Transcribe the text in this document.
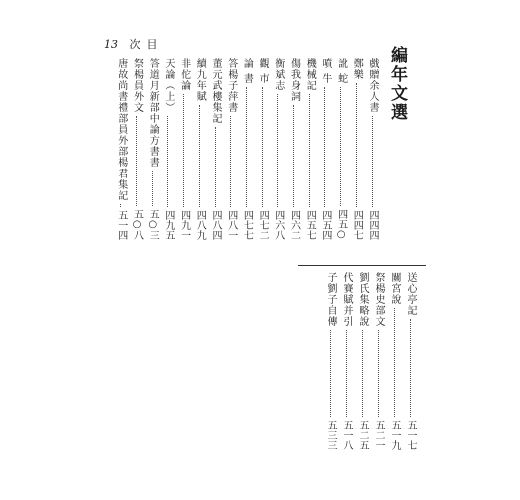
13 次目
編年文選
戲贈余人書
四四四
鄭樂
四四七
訛 蛇
四五○
噴 牛
四五四
機械記
四五七
傷我身詞
四六二
衡斌志
四六八
觀 市
四七二
論 書
四七七
答楊子萍書
四八一
董元武樓集記
四八四
續九年賦
四八九
非佗論
四九一
天論（上）
四九五
答道月新部中論方書書
五○三
祭楊員外文
五○八
唐故尚書禮部員外部楊君集記
五一四
送心亭記
五一七
關宮說
五一九
祭楊史部文
五二一
劉氏集略說
五二五
代賽賦并引
五一八
子劉子自傳
五三三
